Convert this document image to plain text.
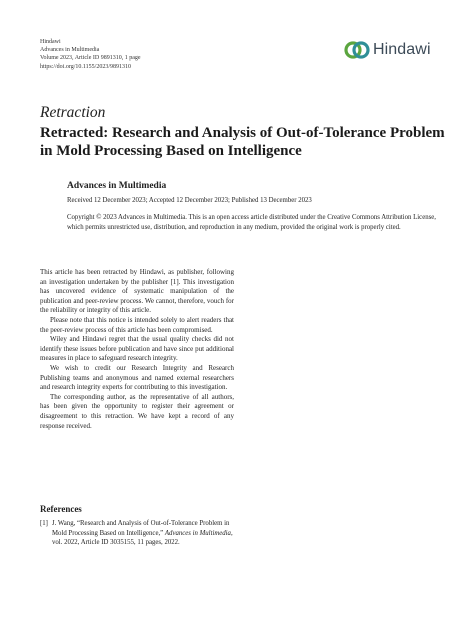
Hindawi
Advances in Multimedia
Volume 2023, Article ID 9891310, 1 page
https://doi.org/10.1155/2023/9891310
Hindawi
Retraction
Retracted: Research and Analysis of Out-of-Tolerance Problem in Mold Processing Based on Intelligence
Advances in Multimedia
Received 12 December 2023; Accepted 12 December 2023; Published 13 December 2023
Copyright © 2023 Advances in Multimedia. This is an open access article distributed under the Creative Commons Attribution License, which permits unrestricted use, distribution, and reproduction in any medium, provided the original work is properly cited.

This article has been retracted by Hindawi, as publisher, following an investigation undertaken by the publisher [1]. This investigation has uncovered evidence of systematic manipulation of the publication and peer-review process. We cannot, therefore, vouch for the reliability or integrity of this article.

Please note that this notice is intended solely to alert readers that the peer-review process of this article has been compromised.

Wiley and Hindawi regret that the usual quality checks did not identify these issues before publication and have since put additional measures in place to safeguard research integrity.

We wish to credit our Research Integrity and Research Publishing teams and anonymous and named external researchers and research integrity experts for contributing to this investigation.

The corresponding author, as the representative of all authors, has been given the opportunity to register their agreement or disagreement to this retraction. We have kept a record of any response received.

References
[1] J. Wang, “Research and Analysis of Out-of-Tolerance Problem in Mold Processing Based on Intelligence,” Advances in Multimedia, vol. 2022, Article ID 3035155, 11 pages, 2022.
